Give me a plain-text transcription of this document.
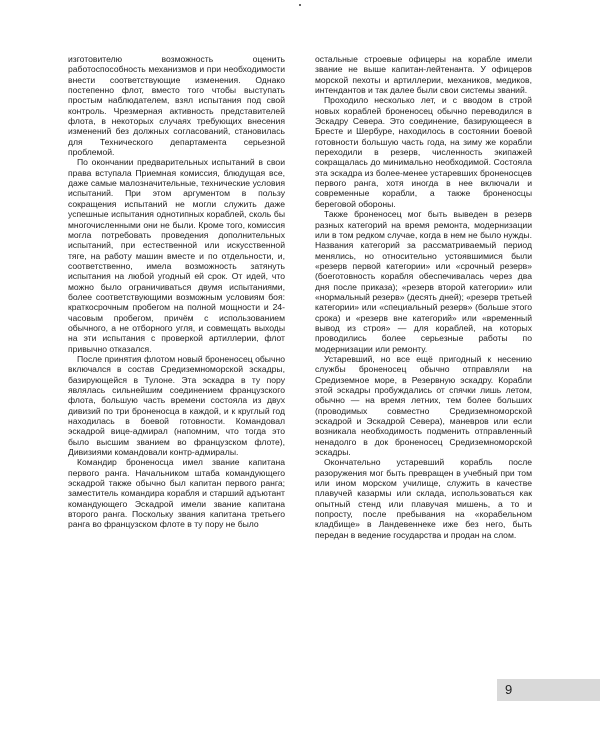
изготовителю возможность оценить работоспособность механизмов и при необходимости внести соответствующие изменения. Однако постепенно флот, вместо того чтобы выступать простым наблюдателем, взял испытания под свой контроль. Чрезмерная активность представителей флота, в некоторых случаях требующих внесения изменений без должных согласований, становилась для Технического департамента серьезной проблемой.

По окончании предварительных испытаний в свои права вступала Приемная комиссия, блюдущая все, даже самые малозначительные, технические условия испытаний. При этом аргументом в пользу сокращения испытаний не могли служить даже успешные испытания однотипных кораблей, сколь бы многочисленными они не были. Кроме того, комиссия могла потребовать проведения дополнительных испытаний, при естественной или искусственной тяге, на работу машин вместе и по отдельности, и, соответственно, имела возможность затянуть испытания на любой угодный ей срок. От идей, что можно было ограничиваться двумя испытаниями, более соответствующими возможным условиям боя: краткосрочным пробегом на полной мощности и 24-часовым пробегом, причём с использованием обычного, а не отборного угля, и совмещать выходы на эти испытания с проверкой артиллерии, флот привычно отказался.

После принятия флотом новый броненосец обычно включался в состав Средиземноморской эскадры, базирующейся в Тулоне. Эта эскадра в ту пору являлась сильнейшим соединением французского флота, большую часть времени состояла из двух дивизий по три броненосца в каждой, и к круглый год находилась в боевой готовности. Командовал эскадрой вице-адмирал (напомним, что тогда это было высшим званием во французском флоте), Дивизиями командовали контр-адмиралы.

Командир броненосца имел звание капитана первого ранга. Начальником штаба командующего эскадрой также обычно был капитан первого ранга; заместитель командира корабля и старший адъютант командующего Эскадрой имели звание капитана второго ранга. Поскольку звания капитана третьего ранга во французском флоте в ту пору не было

остальные строевые офицеры на корабле имели звание не выше капитан-лейтенанта. У офицеров морской пехоты и артиллерии, механиков, медиков, интендантов и так далее были свои системы званий.

Проходило несколько лет, и с вводом в строй новых кораблей броненосец обычно переводился в Эскадру Севера. Это соединение, базирующееся в Бресте и Шербуре, находилось в состоянии боевой готовности большую часть года, на зиму же корабли переходили в резерв, численность экипажей сокращалась до минимально необходимой. Состояла эта эскадра из более-менее устаревших броненосцев первого ранга, хотя иногда в нее включали и современные корабли, а также броненосцы береговой обороны.

Также броненосец мог быть выведен в резерв разных категорий на время ремонта, модернизации или в том редком случае, когда в нем не было нужды. Названия категорий за рассматриваемый период менялись, но относительно устоявшимися были «резерв первой категории» или «срочный резерв» (боеготовность корабля обеспечивалась через два дня после приказа); «резерв второй категории» или «нормальный резерв» (десять дней); «резерв третьей категории» или «специальный резерв» (больше этого срока) и «резерв вне категорий» или «временный вывод из строя» — для кораблей, на которых проводились более серьезные работы по модернизации или ремонту.

Устаревший, но все ещё пригодный к несению службы броненосец обычно отправляли на Средиземное море, в Резервную эскадру. Корабли этой эскадры пробуждались от спячки лишь летом, обычно — на время летних, тем более больших (проводимых совместно Средиземноморской эскадрой и Эскадрой Севера), маневров или если возникала необходимость подменить отправленный ненадолго в док броненосец Средиземноморской эскадры.

Окончательно устаревший корабль после разоружения мог быть превращен в учебный при том или ином морском училище, служить в качестве плавучей казармы или склада, использоваться как опытный стенд или плавучая мишень, а то и попросту, после пребывания на «корабельном кладбище» в Ландевеннеке иже без него, быть передан в ведение государства и продан на слом.

9
